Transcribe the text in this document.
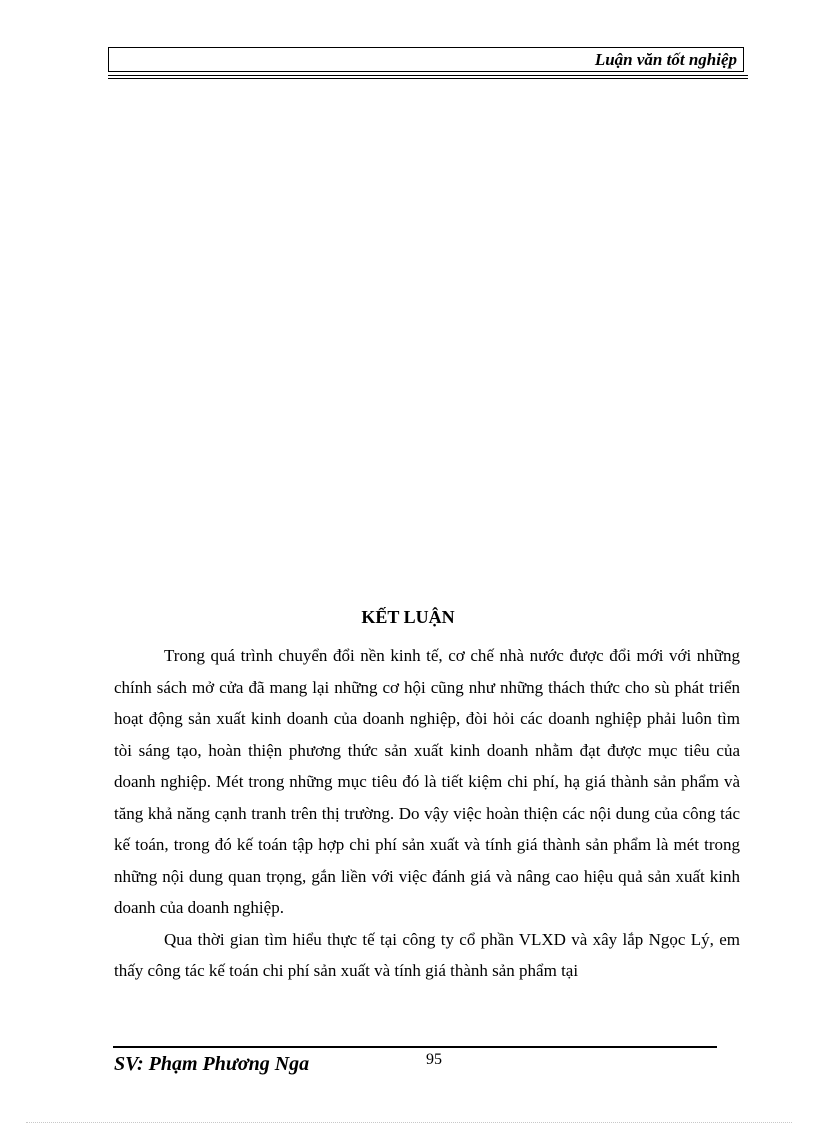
Luận văn tốt nghiệp
KẾT LUẬN

Trong quá trình chuyển đổi nền kinh tế, cơ chế nhà nước được đổi mới với những chính sách mở cửa đã mang lại những cơ hội cũng như những thách thức cho sù phát triển hoạt động sản xuất kinh doanh của doanh nghiệp, đòi hỏi các doanh nghiệp phải luôn tìm tòi sáng tạo, hoàn thiện phương thức sản xuất kinh doanh nhằm đạt được mục tiêu của doanh nghiệp. Mét trong những mục tiêu đó là tiết kiệm chi phí, hạ giá thành sản phẩm và tăng khả năng cạnh tranh trên thị trường. Do vậy việc hoàn thiện các nội dung của công tác kế toán, trong đó kế toán tập hợp chi phí sản xuất và tính giá thành sản phẩm là mét trong những nội dung quan trọng, gắn liền với việc đánh giá và nâng cao hiệu quả sản xuất kinh doanh của doanh nghiệp.

Qua thời gian tìm hiểu thực tế tại công ty cổ phần VLXD và xây lắp Ngọc Lý, em thấy công tác kế toán chi phí sản xuất và tính giá thành sản phẩm tại

SV: Phạm Phương Nga	95
